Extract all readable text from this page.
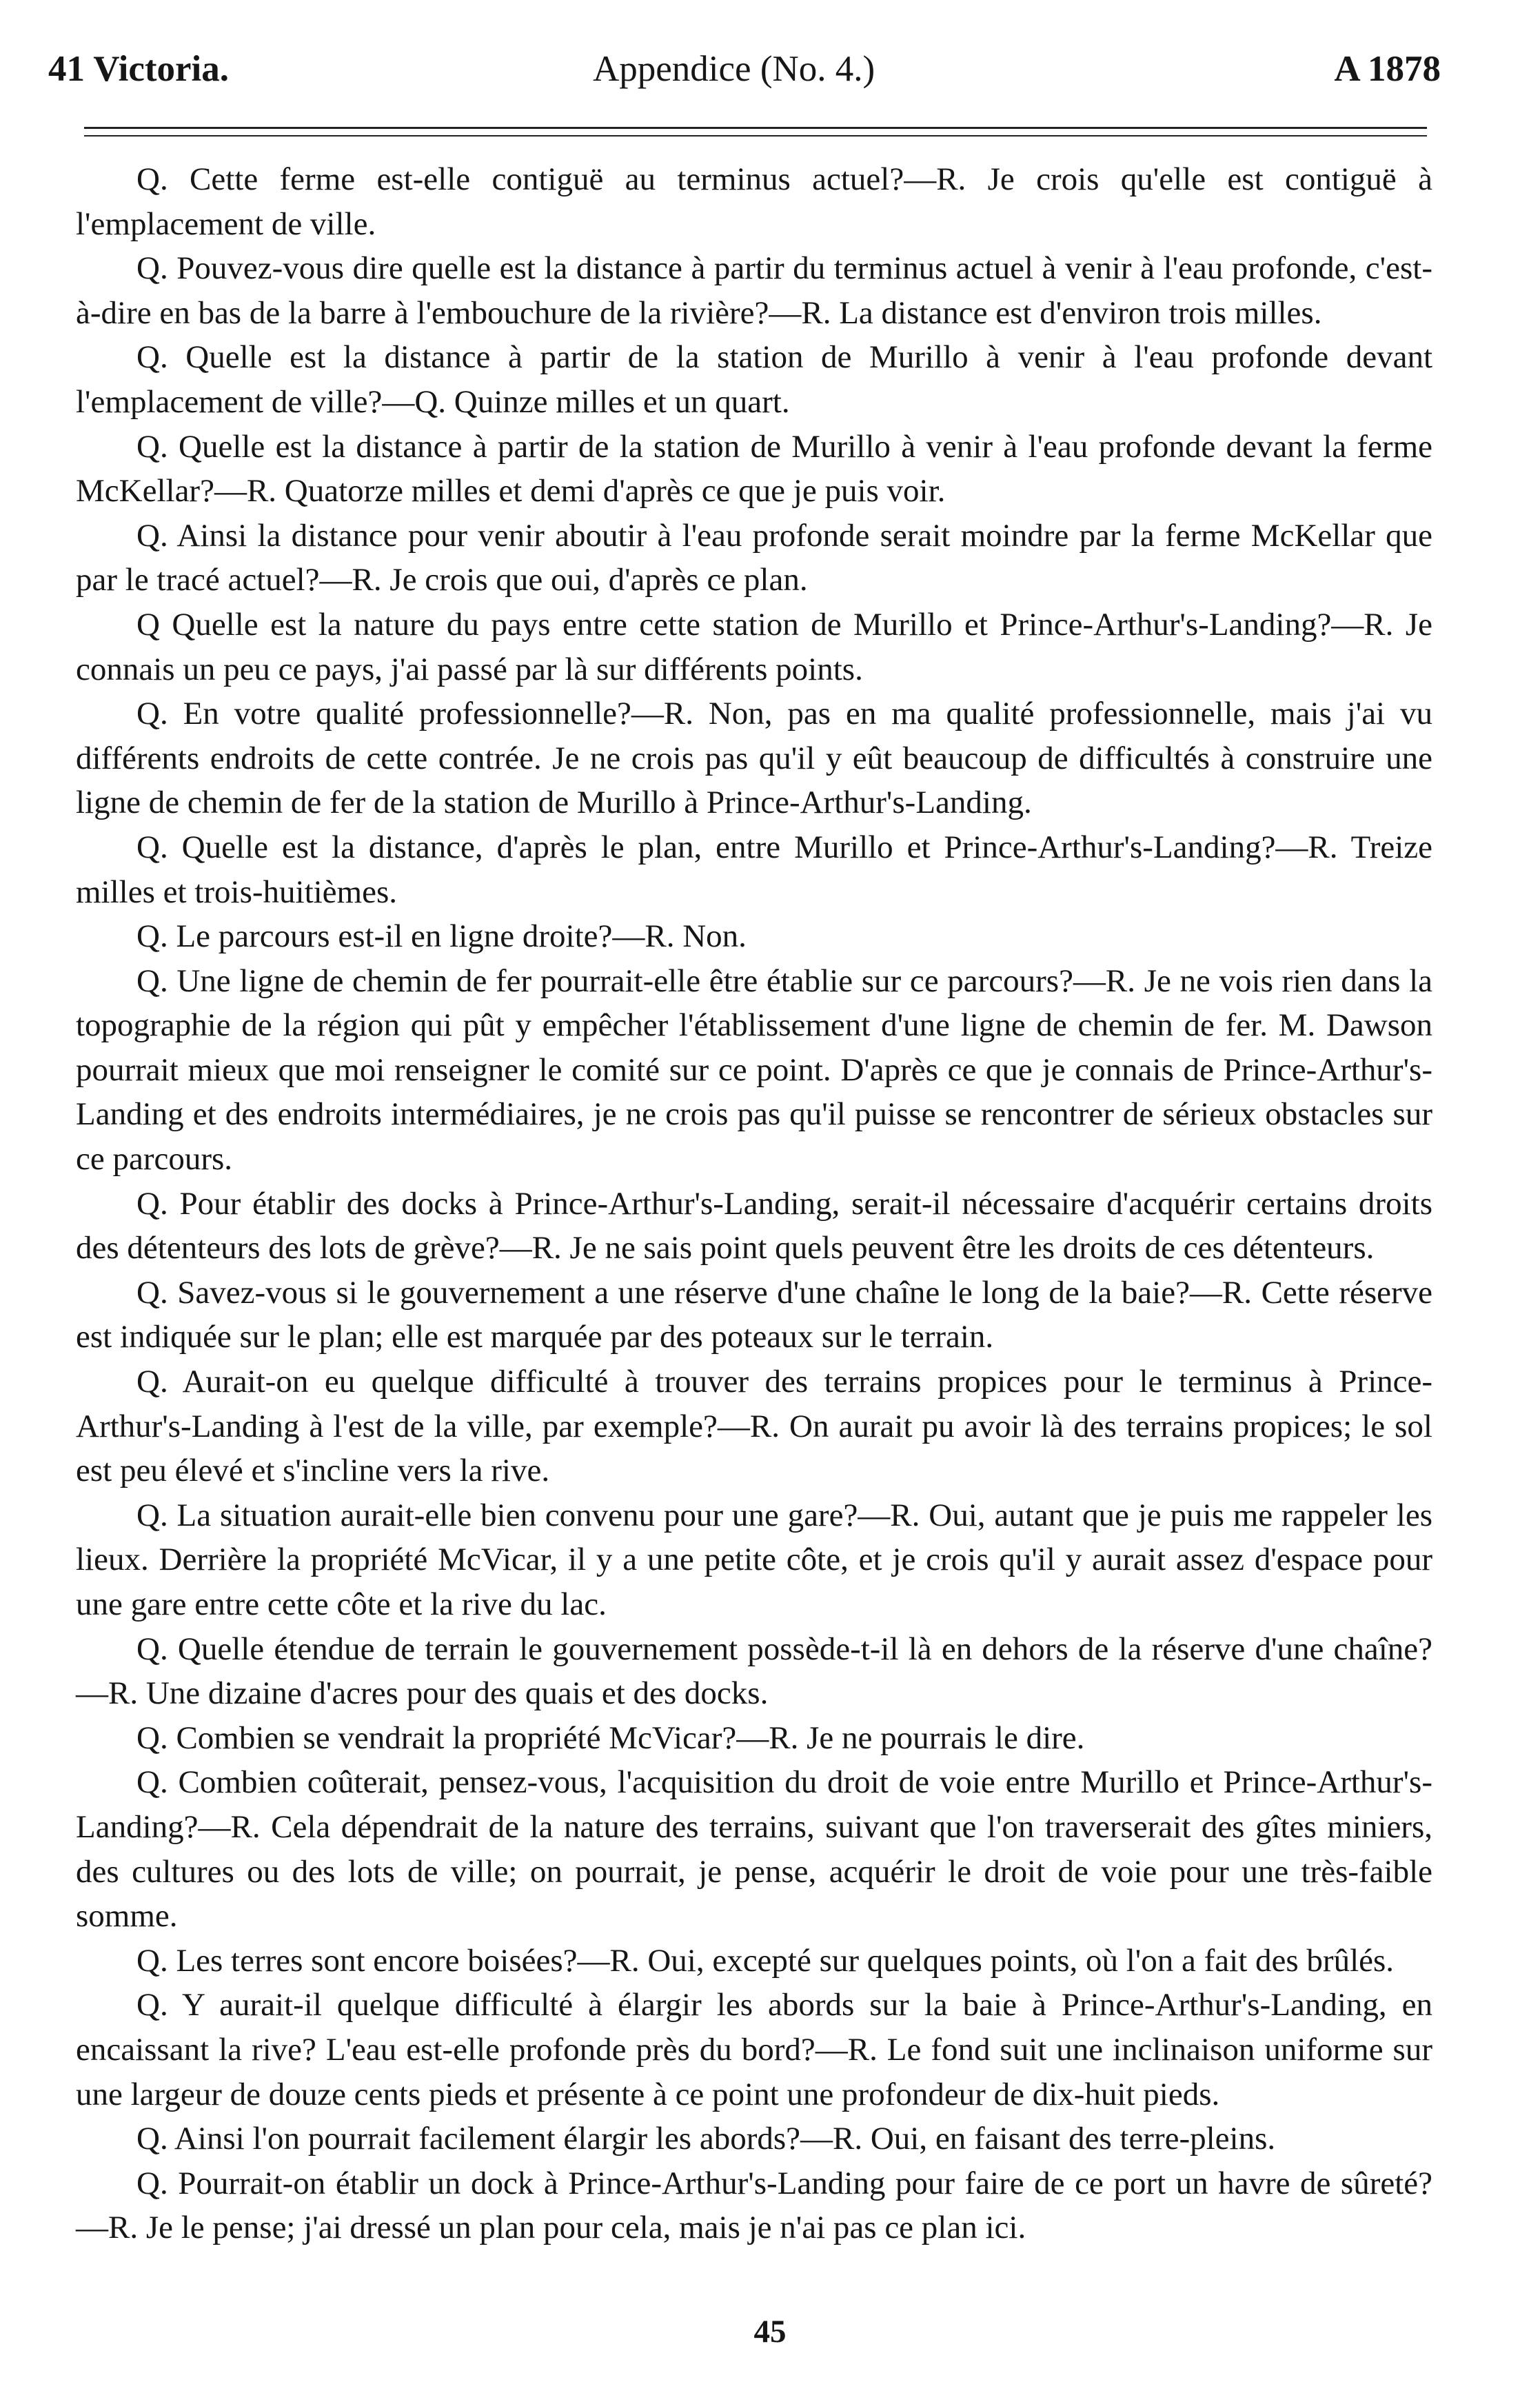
41 Victoria.	Appendice (No. 4.)	A 1878

Q. Cette ferme est-elle contiguë au terminus actuel?—R. Je crois qu'elle est contiguë à l'emplacement de ville.

Q. Pouvez-vous dire quelle est la distance à partir du terminus actuel à venir à l'eau profonde, c'est-à-dire en bas de la barre à l'embouchure de la rivière?—R. La distance est d'environ trois milles.

Q. Quelle est la distance à partir de la station de Murillo à venir à l'eau profonde devant l'emplacement de ville?—Q. Quinze milles et un quart.

Q. Quelle est la distance à partir de la station de Murillo à venir à l'eau profonde devant la ferme McKellar?—R. Quatorze milles et demi d'après ce que je puis voir.

Q. Ainsi la distance pour venir aboutir à l'eau profonde serait moindre par la ferme McKellar que par le tracé actuel?—R. Je crois que oui, d'après ce plan.

Q Quelle est la nature du pays entre cette station de Murillo et Prince-Arthur's-Landing?—R. Je connais un peu ce pays, j'ai passé par là sur différents points.

Q. En votre qualité professionnelle?—R. Non, pas en ma qualité professionnelle, mais j'ai vu différents endroits de cette contrée. Je ne crois pas qu'il y eût beaucoup de difficultés à construire une ligne de chemin de fer de la station de Murillo à Prince-Arthur's-Landing.

Q. Quelle est la distance, d'après le plan, entre Murillo et Prince-Arthur's-Landing?—R. Treize milles et trois-huitièmes.

Q. Le parcours est-il en ligne droite?—R. Non.

Q. Une ligne de chemin de fer pourrait-elle être établie sur ce parcours?—R. Je ne vois rien dans la topographie de la région qui pût y empêcher l'établissement d'une ligne de chemin de fer. M. Dawson pourrait mieux que moi renseigner le comité sur ce point. D'après ce que je connais de Prince-Arthur's-Landing et des endroits intermédiaires, je ne crois pas qu'il puisse se rencontrer de sérieux obstacles sur ce parcours.

Q. Pour établir des docks à Prince-Arthur's-Landing, serait-il nécessaire d'acquérir certains droits des détenteurs des lots de grève?—R. Je ne sais point quels peuvent être les droits de ces détenteurs.

Q. Savez-vous si le gouvernement a une réserve d'une chaîne le long de la baie?—R. Cette réserve est indiquée sur le plan; elle est marquée par des poteaux sur le terrain.

Q. Aurait-on eu quelque difficulté à trouver des terrains propices pour le terminus à Prince-Arthur's-Landing à l'est de la ville, par exemple?—R. On aurait pu avoir là des terrains propices; le sol est peu élevé et s'incline vers la rive.

Q. La situation aurait-elle bien convenu pour une gare?—R. Oui, autant que je puis me rappeler les lieux. Derrière la propriété McVicar, il y a une petite côte, et je crois qu'il y aurait assez d'espace pour une gare entre cette côte et la rive du lac.

Q. Quelle étendue de terrain le gouvernement possède-t-il là en dehors de la réserve d'une chaîne?—R. Une dizaine d'acres pour des quais et des docks.

Q. Combien se vendrait la propriété McVicar?—R. Je ne pourrais le dire.

Q. Combien coûterait, pensez-vous, l'acquisition du droit de voie entre Murillo et Prince-Arthur's-Landing?—R. Cela dépendrait de la nature des terrains, suivant que l'on traverserait des gîtes miniers, des cultures ou des lots de ville; on pourrait, je pense, acquérir le droit de voie pour une très-faible somme.

Q. Les terres sont encore boisées?—R. Oui, excepté sur quelques points, où l'on a fait des brûlés.

Q. Y aurait-il quelque difficulté à élargir les abords sur la baie à Prince-Arthur's-Landing, en encaissant la rive? L'eau est-elle profonde près du bord?—R. Le fond suit une inclinaison uniforme sur une largeur de douze cents pieds et présente à ce point une profondeur de dix-huit pieds.

Q. Ainsi l'on pourrait facilement élargir les abords?—R. Oui, en faisant des terre-pleins.

Q. Pourrait-on établir un dock à Prince-Arthur's-Landing pour faire de ce port un havre de sûreté?—R. Je le pense; j'ai dressé un plan pour cela, mais je n'ai pas ce plan ici.

45
